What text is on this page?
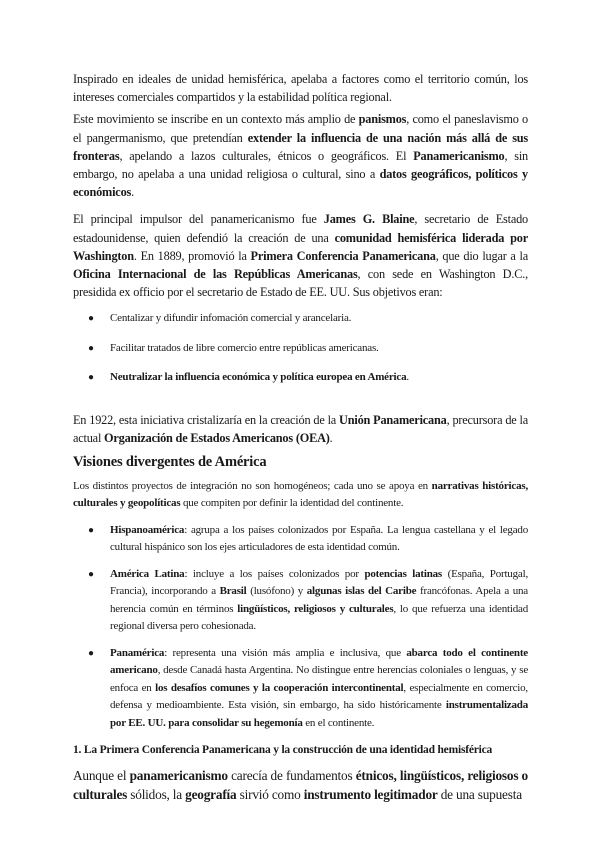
Inspirado en ideales de unidad hemisférica, apelaba a factores como el territorio común, los intereses comerciales compartidos y la estabilidad política regional.
Este movimiento se inscribe en un contexto más amplio de panismos, como el paneslavismo o el pangermanismo, que pretendían extender la influencia de una nación más allá de sus fronteras, apelando a lazos culturales, étnicos o geográficos. El Panamericanismo, sin embargo, no apelaba a una unidad religiosa o cultural, sino a datos geográficos, políticos y económicos.
El principal impulsor del panamericanismo fue James G. Blaine, secretario de Estado estadounidense, quien defendió la creación de una comunidad hemisférica liderada por Washington. En 1889, promovió la Primera Conferencia Panamericana, que dio lugar a la Oficina Internacional de las Repúblicas Americanas, con sede en Washington D.C., presidida ex officio por el secretario de Estado de EE. UU. Sus objetivos eran:
● Centalizar y difundir infomación comercial y arancelaria.
● Facilitar tratados de libre comercio entre repúblicas americanas.
● Neutralizar la influencia económica y política europea en América.
En 1922, esta iniciativa cristalizaría en la creación de la Unión Panamericana, precursora de la actual Organización de Estados Americanos (OEA).
Visiones divergentes de América
Los distintos proyectos de integración no son homogéneos; cada uno se apoya en narrativas históricas, culturales y geopolíticas que compiten por definir la identidad del continente.
● Hispanoamérica: agrupa a los países colonizados por España. La lengua castellana y el legado cultural hispánico son los ejes articuladores de esta identidad común.
● América Latina: incluye a los países colonizados por potencias latinas (España, Portugal, Francia), incorporando a Brasil (lusófono) y algunas islas del Caribe francófonas. Apela a una herencia común en términos lingüísticos, religiosos y culturales, lo que refuerza una identidad regional diversa pero cohesionada.
● Panamérica: representa una visión más amplia e inclusiva, que abarca todo el continente americano, desde Canadá hasta Argentina. No distingue entre herencias coloniales o lenguas, y se enfoca en los desafíos comunes y la cooperación intercontinental, especialmente en comercio, defensa y medioambiente. Esta visión, sin embargo, ha sido históricamente instrumentalizada por EE. UU. para consolidar su hegemonía en el continente.
1. La Primera Conferencia Panamericana y la construcción de una identidad hemisférica
Aunque el panamericanismo carecía de fundamentos étnicos, lingüísticos, religiosos o culturales sólidos, la geografía sirvió como instrumento legitimador de una supuesta
